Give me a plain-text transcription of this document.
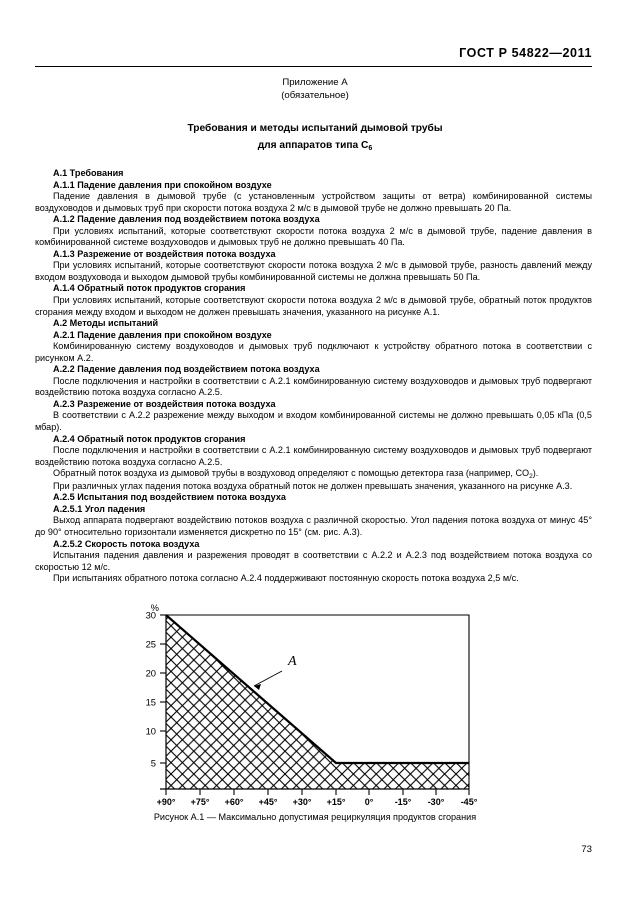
ГОСТ Р 54822—2011
Приложение А
(обязательное)
Требования и методы испытаний дымовой трубы
для аппаратов типа $C_6$

А.1 Требования

А.1.1 Падение давления при спокойном воздухе

Падение давления в дымовой трубе (с установленным устройством защиты от ветра) комбинированной системы воздуховодов и дымовых труб при скорости потока воздуха 2 м/с в дымовой трубе не должно превышать 20 Па.

А.1.2 Падение давления под воздействием потока воздуха

При условиях испытаний, которые соответствуют скорости потока воздуха 2 м/с в дымовой трубе, падение давления в комбинированной системе воздуховодов и дымовых труб не должно превышать 40 Па.

А.1.3 Разрежение от воздействия потока воздуха

При условиях испытаний, которые соответствуют скорости потока воздуха 2 м/с в дымовой трубе, разность давлений между входом воздуховода и выходом дымовой трубы комбинированной системы не должна превышать 50 Па.

А.1.4 Обратный поток продуктов сгорания

При условиях испытаний, которые соответствуют скорости потока воздуха 2 м/с в дымовой трубе, обратный поток продуктов сгорания между входом и выходом не должен превышать значения, указанного на рисунке А.1.

А.2 Методы испытаний

А.2.1 Падение давления при спокойном воздухе

Комбинированную систему воздуховодов и дымовых труб подключают к устройству обратного потока в соответствии с рисунком А.2.

А.2.2 Падение давления под воздействием потока воздуха

После подключения и настройки в соответствии с А.2.1 комбинированную систему воздуховодов и дымовых труб подвергают воздействию потока воздуха согласно А.2.5.

А.2.3 Разрежение от воздействия потока воздуха

В соответствии с А.2.2 разрежение между выходом и входом комбинированной системы не должно превышать 0,05 кПа (0,5 мбар).

А.2.4 Обратный поток продуктов сгорания

После подключения и настройки в соответствии с А.2.1 комбинированную систему воздуховодов и дымовых труб подвергают воздействию потока воздуха согласно А.2.5.

Обратный поток воздуха из дымовой трубы в воздуховод определяют с помощью детектора газа (например, $CO_2$).

При различных углах падения потока воздуха обратный поток не должен превышать значения, указанного на рисунке А.3.

А.2.5 Испытания под воздействием потока воздуха

А.2.5.1 Угол падения

Выход аппарата подвергают воздействию потоков воздуха с различной скоростью. Угол падения потока воздуха от минус 45° до 90° относительно горизонтали изменяется дискретно по 15° (см. рис. А.3).

А.2.5.2 Скорость потока воздуха

Испытания падения давления и разрежения проводят в соответствии с А.2.2 и А.2.3 под воздействием потока воздуха со скоростью 12 м/с.

При испытаниях обратного потока согласно А.2.4 поддерживают постоянную скорость потока воздуха 2,5 м/с.

%
5
10
15
20
25
30
+90° +75° +60° +45° +30° +15° 0° -15° -30° -45°
A
Рисунок А.1 — Максимально допустимая рециркуляция продуктов сгорания
73
